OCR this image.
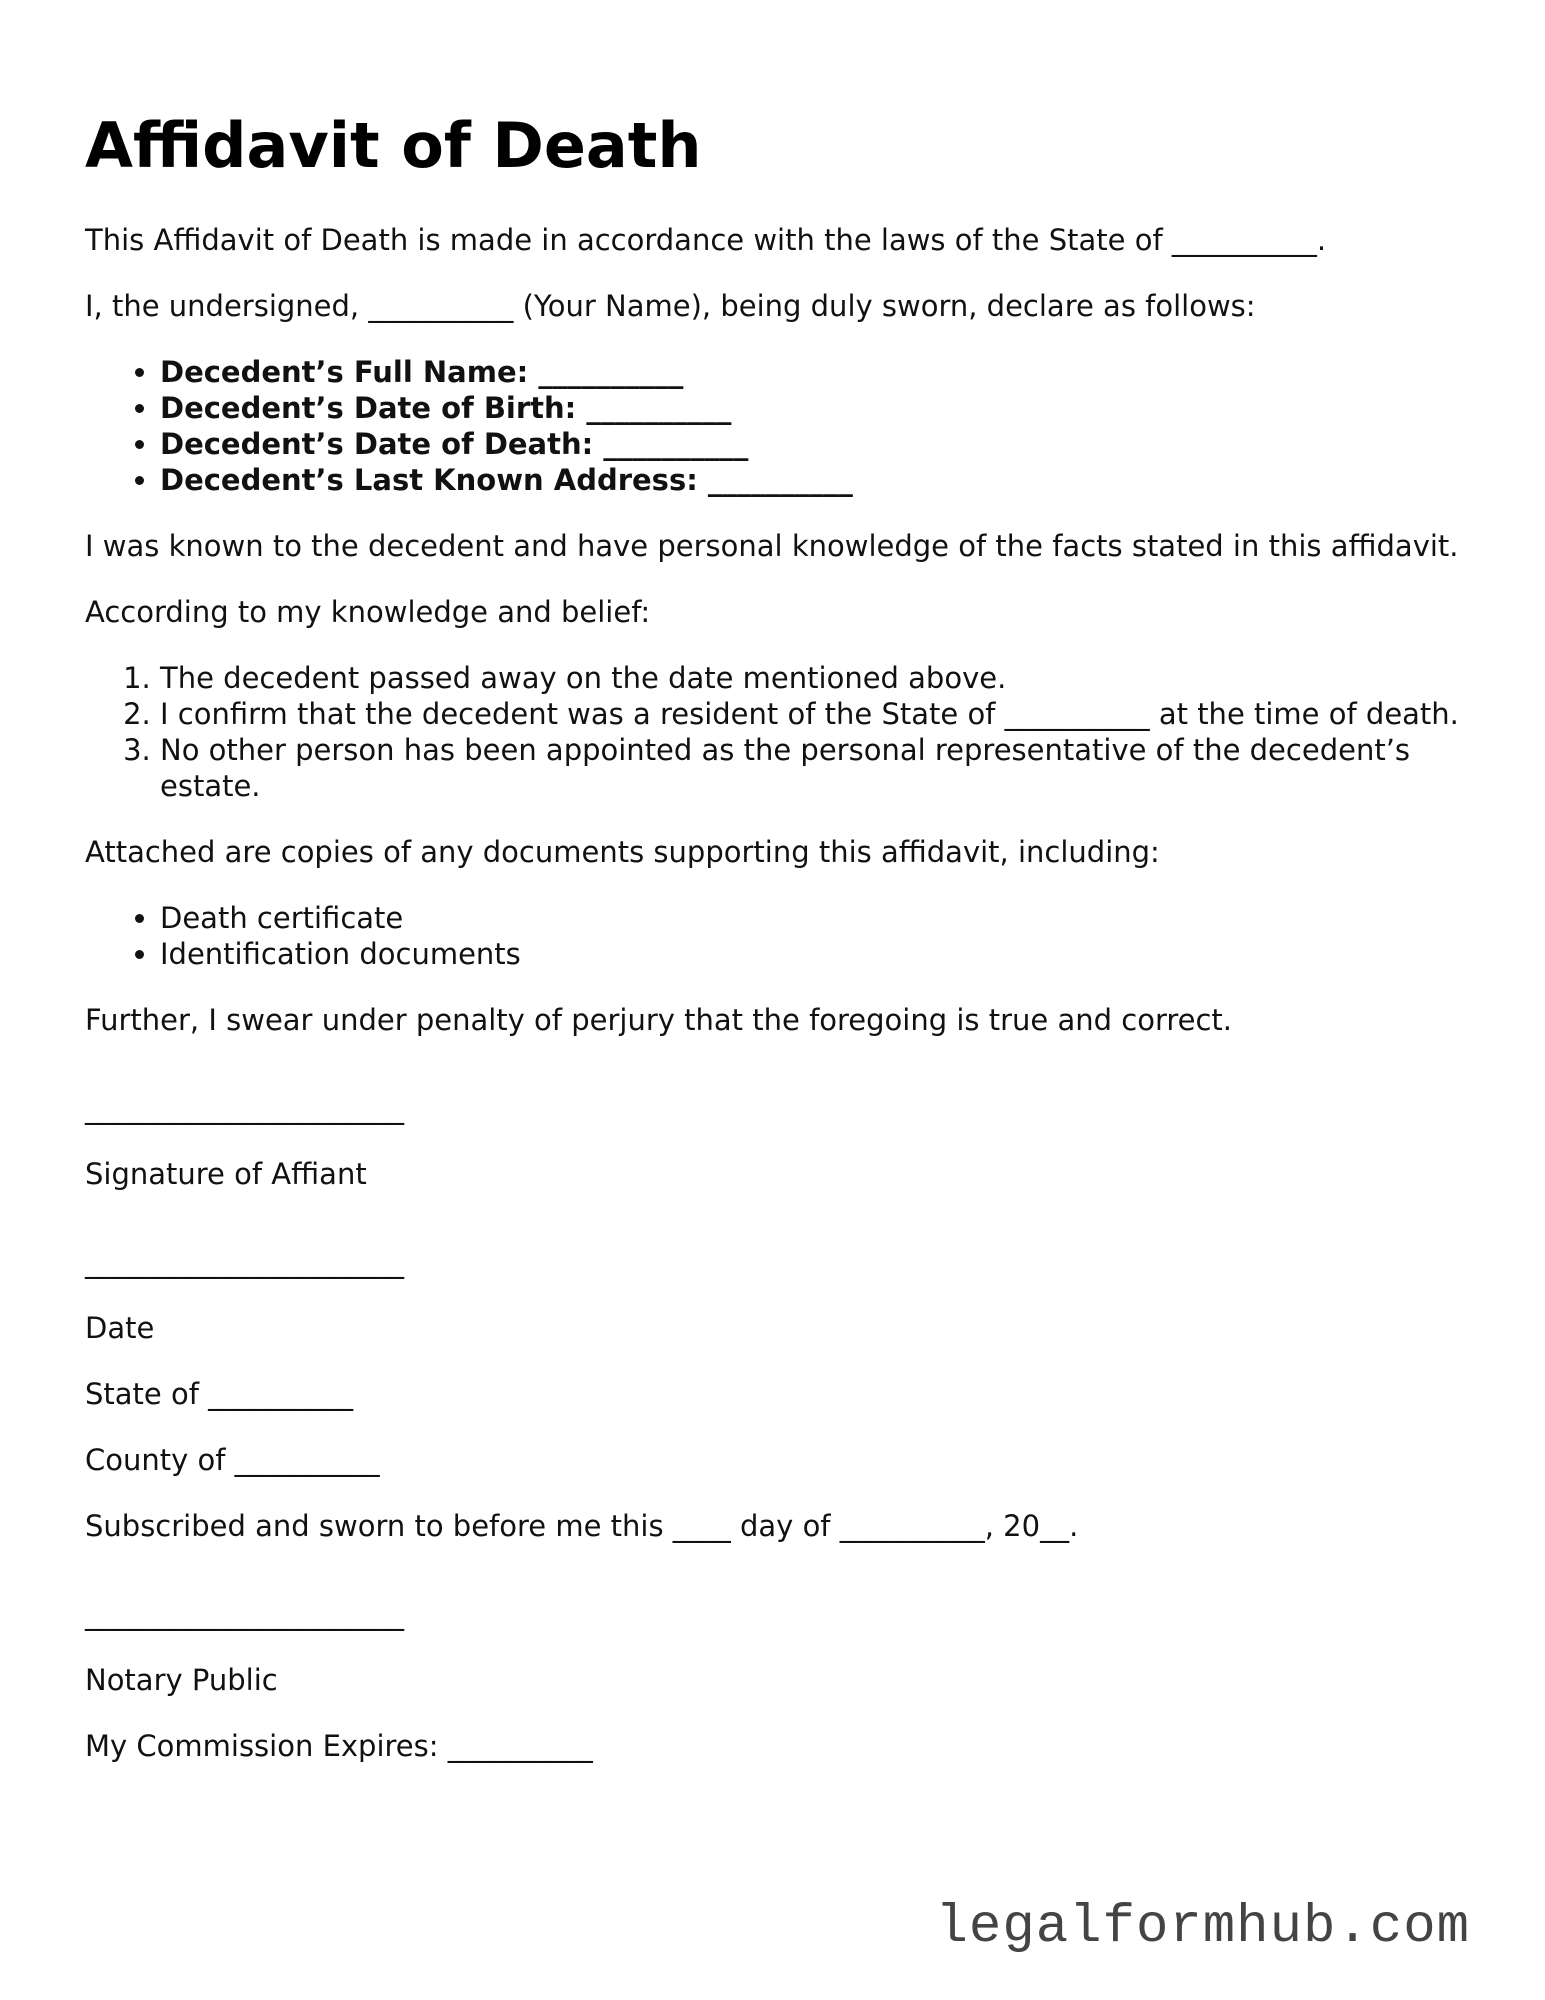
Affidavit of Death

This Affidavit of Death is made in accordance with the laws of the State of __________.

I, the undersigned, __________ (Your Name), being duly sworn, declare as follows:

• Decedent’s Full Name: __________
• Decedent’s Date of Birth: __________
• Decedent’s Date of Death: __________
• Decedent’s Last Known Address: __________

I was known to the decedent and have personal knowledge of the facts stated in this affidavit.

According to my knowledge and belief:

1. The decedent passed away on the date mentioned above.
2. I confirm that the decedent was a resident of the State of __________ at the time of death.
3. No other person has been appointed as the personal representative of the decedent’s estate.

Attached are copies of any documents supporting this affidavit, including:

• Death certificate
• Identification documents

Further, I swear under penalty of perjury that the foregoing is true and correct.

______________________

Signature of Affiant

______________________

Date

State of __________

County of __________

Subscribed and sworn to before me this ____ day of __________, 20__.

______________________

Notary Public

My Commission Expires: __________

legalformhub.com
